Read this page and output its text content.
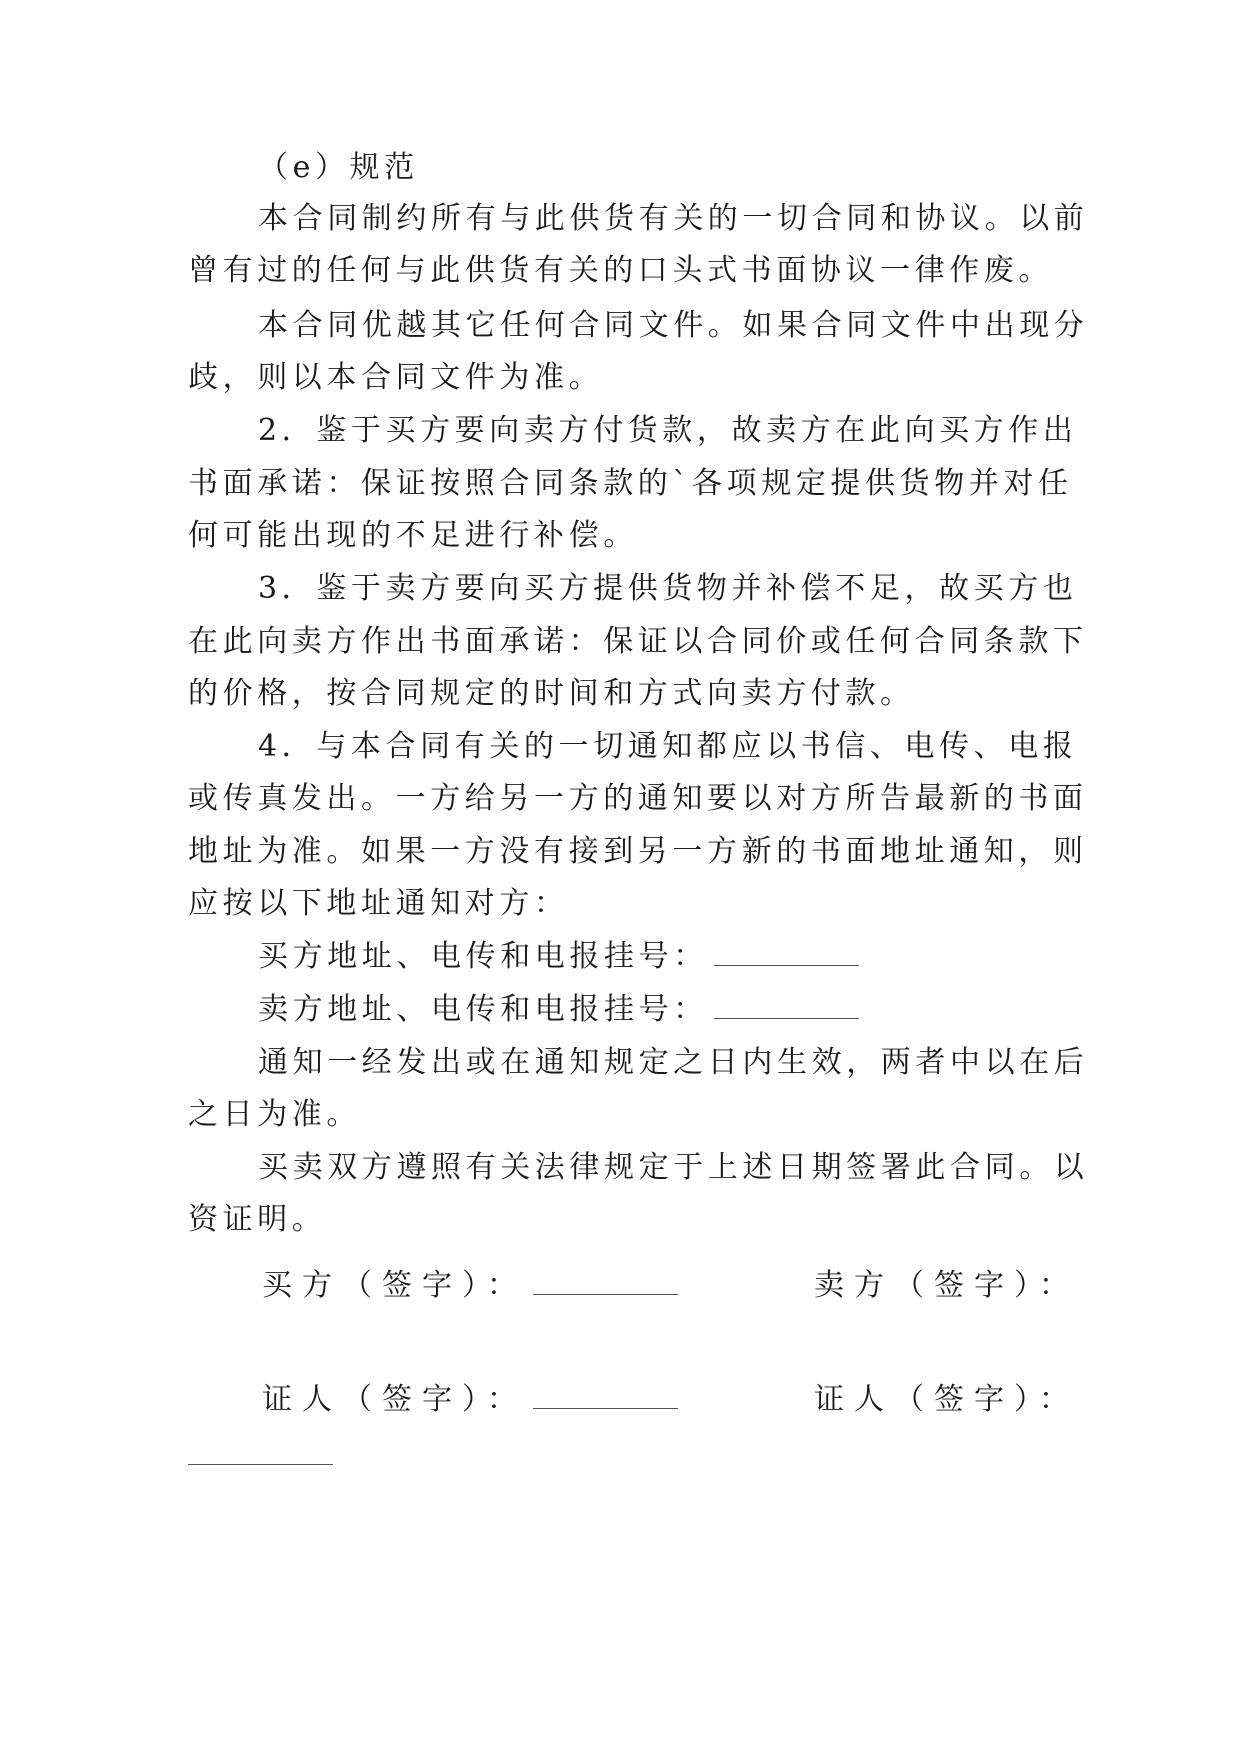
（e）规范
本合同制约所有与此供货有关的一切合同和协议。以前
曾有过的任何与此供货有关的口头式书面协议一律作废。
本合同优越其它任何合同文件。如果合同文件中出现分
歧，则以本合同文件为准。
2．鉴于买方要向卖方付货款，故卖方在此向买方作出
书面承诺：保证按照合同条款的`各项规定提供货物并对任
何可能出现的不足进行补偿。
3．鉴于卖方要向买方提供货物并补偿不足，故买方也
在此向卖方作出书面承诺：保证以合同价或任何合同条款下
的价格，按合同规定的时间和方式向卖方付款。
4．与本合同有关的一切通知都应以书信、电传、电报
或传真发出。一方给另一方的通知要以对方所告最新的书面
地址为准。如果一方没有接到另一方新的书面地址通知，则
应按以下地址通知对方：
买方地址、电传和电报挂号：
卖方地址、电传和电报挂号：
通知一经发出或在通知规定之日内生效，两者中以在后
之日为准。
买卖双方遵照有关法律规定于上述日期签署此合同。以
资证明。
买方（签字）：	卖方（签字）：
证人（签字）：	证人（签字）：
